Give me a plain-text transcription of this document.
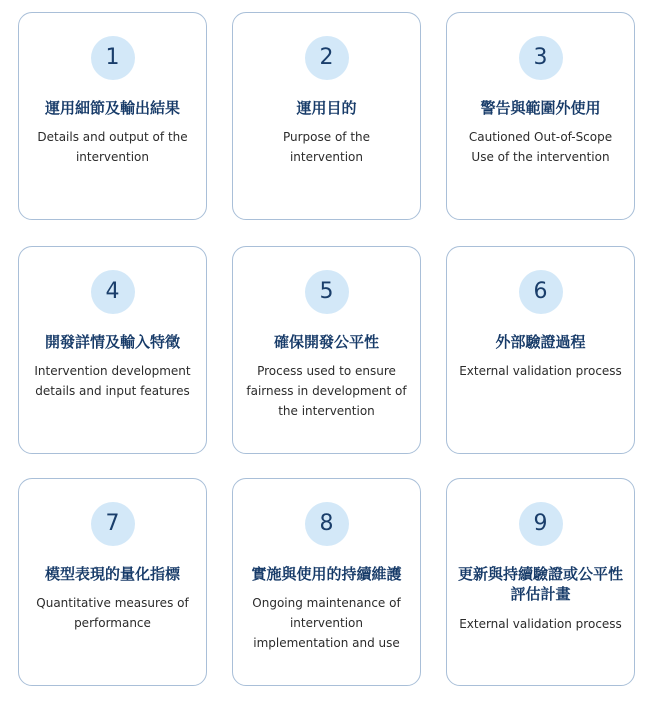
1
運用細節及輸出結果
Details and output of the intervention
2
運用目的
Purpose of the intervention
3
警告與範圍外使用
Cautioned Out-of-Scope Use of the intervention
4
開發詳情及輸入特徵
Intervention development details and input features
5
確保開發公平性
Process used to ensure fairness in development of the intervention
6
外部驗證過程
External validation process
7
模型表現的量化指標
Quantitative measures of performance
8
實施與使用的持續維護
Ongoing maintenance of intervention implementation and use
9
更新與持續驗證或公平性評估計畫
External validation process
